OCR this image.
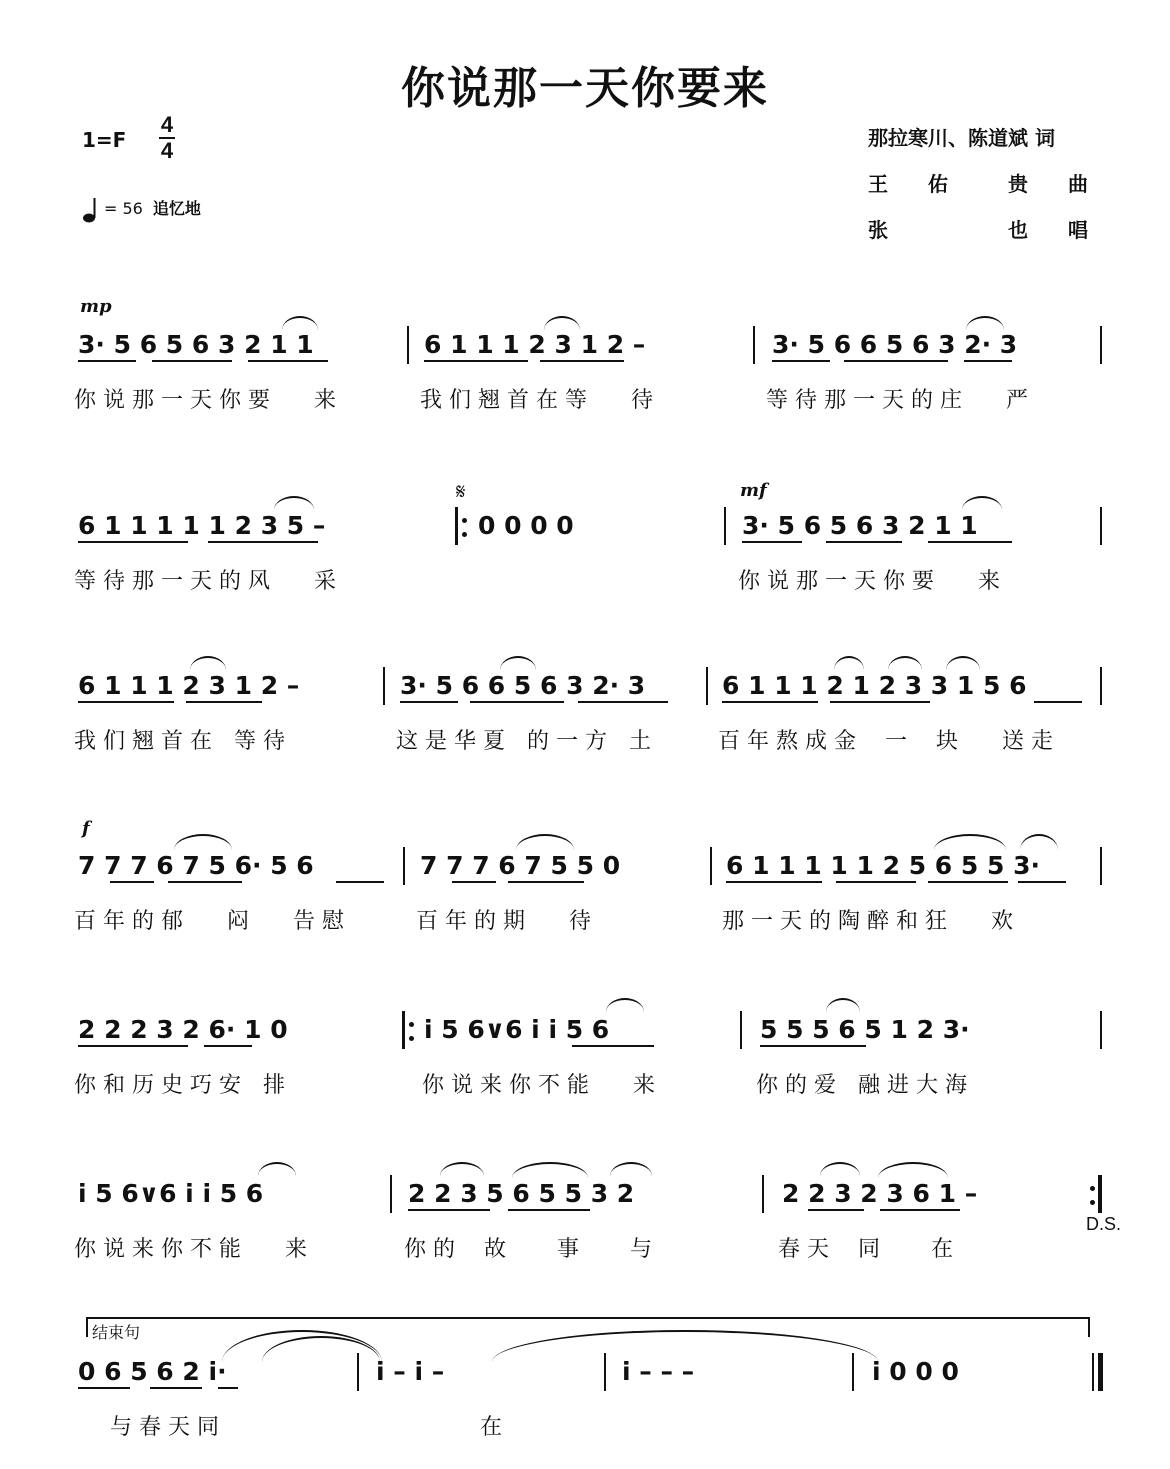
你说那一天你要来
1=F
4
4
= 56 追忆地
那拉寒川、陈道斌 词
王　　佑　　　贵　　曲
张　　　　　　也　　唱
mp
3· 5 6 5 6 3 2 1 1	6 1 1 1 2 3 1 2 –	3· 5 6 6 5 6 3 2· 3
你 说 那 一 天 你 要　　来	我 们 翘 首 在 等　　待	等 待 那 一 天 的 庄　　严
𝄋	mf
6 1 1 1 1 1 2 3 5 –	0 0 0 0	3· 5 6 5 6 3 2 1 1
等 待 那 一 天 的 风　　采	你 说 那 一 天 你 要　　来
6 1 1 1 2 3 1 2 –	3· 5 6 6 5 6 3 2· 3	6 1 1 1 2 1 2 3 3 1 5 6
我 们 翘 首 在　等 待	这 是 华 夏　的 一 方　土	百 年 熬 成 金　 一　 块　　送 走
f
7 7 7 6 7 5 6· 5 6	7 7 7 6 7 5 5 0	6 1 1 1 1 1 2 5 6 5 5 3·
百 年 的 郁　　闷　　告 慰	百 年 的 期　　待	那 一 天 的 陶 醉 和 狂　　欢
2 2 2 3 2 6· 1 0	i 5 6∨6 i i 5 6	5 5 5 6 5 1 2 3·
你 和 历 史 巧 安　排	你 说 来 你 不 能　　来	你 的 爱　融 进 大 海
i 5 6∨6 i i 5 6	2 2 3 5 6 5 5 3 2	2 2 3 2 3 6 1 –
D.S.
你 说 来 你 不 能　　来	你 的　 故　　 事　　 与	春 天　 同　　 在
结束句
0 6 5 6 2 i·	i – i –	i – – –	i 0 0 0
与 春 天 同	在
